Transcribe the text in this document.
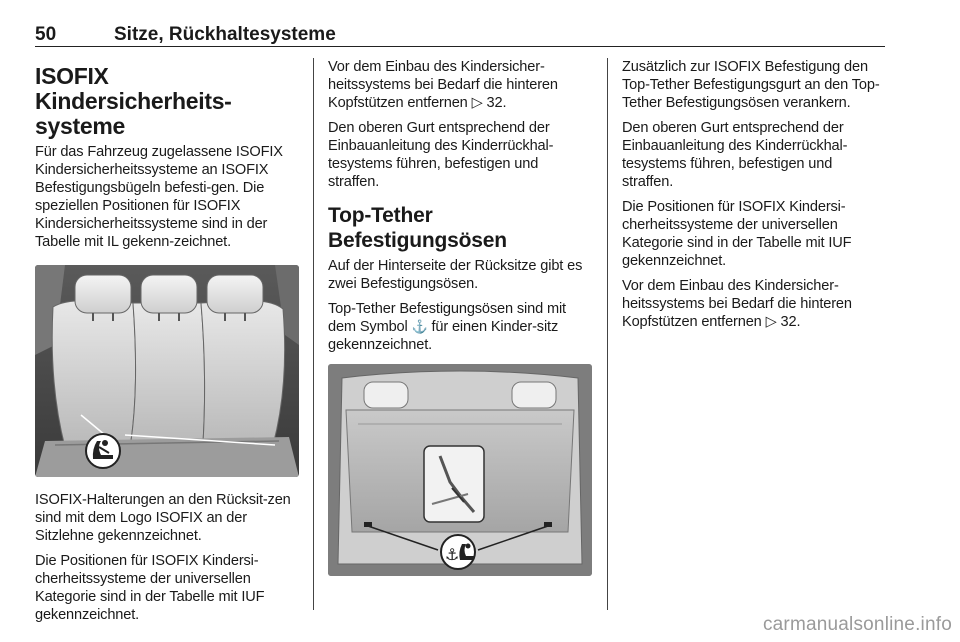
50	Sitze, Rückhaltesysteme
ISOFIX Kindersicherheits-
systeme

Für das Fahrzeug zugelassene ISOFIX Kindersicherheitssysteme an ISOFIX Befestigungsbügeln befesti-gen. Die speziellen Positionen für ISOFIX Kindersicherheitssysteme sind in der Tabelle mit IL gekenn-zeichnet.

ISOFIX-Halterungen an den Rücksit-zen sind mit dem Logo ISOFIX an der Sitzlehne gekennzeichnet.

Die Positionen für ISOFIX Kindersi-cherheitssysteme der universellen Kategorie sind in der Tabelle mit IUF gekennzeichnet.

Vor dem Einbau des Kindersicher-heitssystems bei Bedarf die hinteren Kopfstützen entfernen ▷ 32.

Den oberen Gurt entsprechend der Einbauanleitung des Kinderrückhal-tesystems führen, befestigen und straffen.

Top-Tether
Befestigungsösen

Auf der Hinterseite der Rücksitze gibt es zwei Befestigungsösen.

Top-Tether Befestigungsösen sind mit dem Symbol ⚓ für einen Kinder-sitz gekennzeichnet.

⚓

Zusätzlich zur ISOFIX Befestigung den Top-Tether Befestigungsgurt an den Top-Tether Befestigungsösen verankern.

Den oberen Gurt entsprechend der Einbauanleitung des Kinderrückhal-tesystems führen, befestigen und straffen.

Die Positionen für ISOFIX Kindersi-cherheitssysteme der universellen Kategorie sind in der Tabelle mit IUF gekennzeichnet.

Vor dem Einbau des Kindersicher-heitssystems bei Bedarf die hinteren Kopfstützen entfernen ▷ 32.

carmanualsonline.info
